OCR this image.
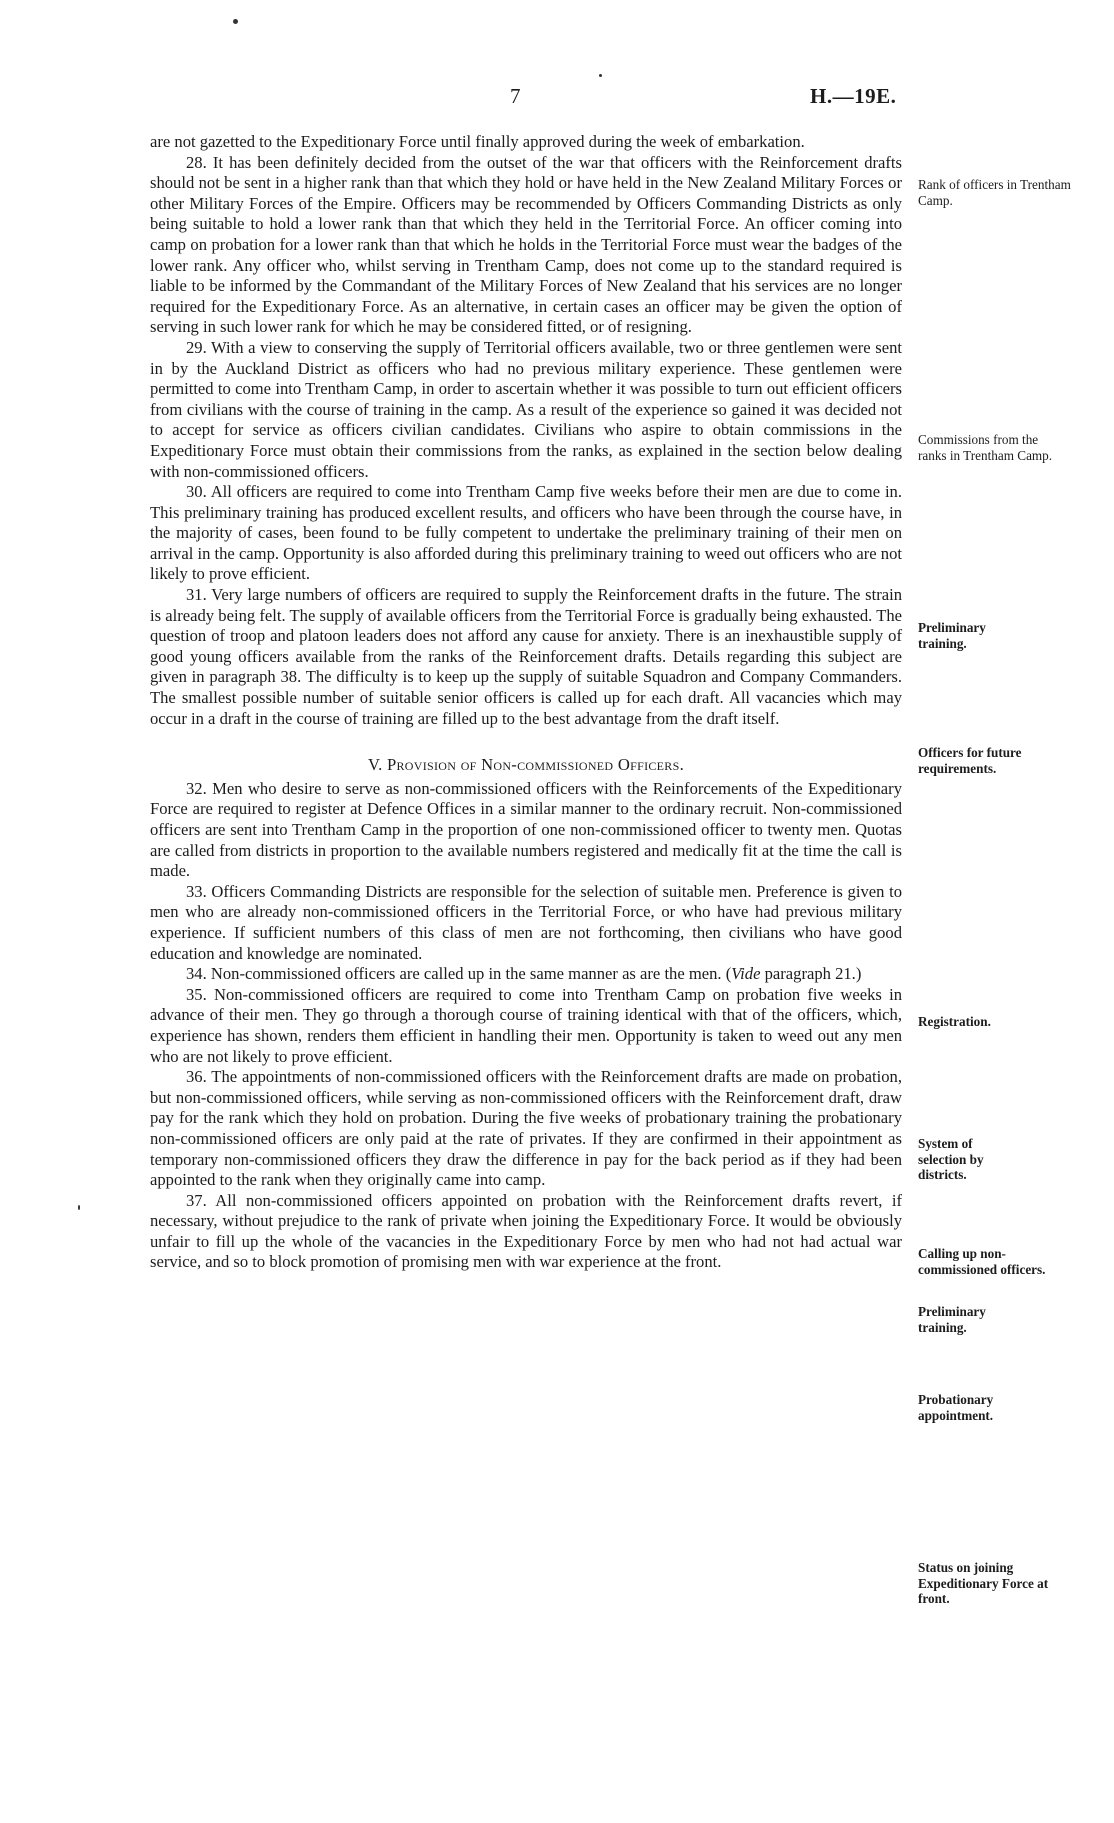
7	H.—19E.

are not gazetted to the Expeditionary Force until finally approved during the week of embarkation.

28. It has been definitely decided from the outset of the war that officers with the Reinforcement drafts should not be sent in a higher rank than that which they hold or have held in the New Zealand Military Forces or other Military Forces of the Empire. Officers may be recommended by Officers Commanding Districts as only being suitable to hold a lower rank than that which they held in the Territorial Force. An officer coming into camp on probation for a lower rank than that which he holds in the Territorial Force must wear the badges of the lower rank. Any officer who, whilst serving in Trentham Camp, does not come up to the standard required is liable to be informed by the Commandant of the Military Forces of New Zealand that his services are no longer required for the Expeditionary Force. As an alternative, in certain cases an officer may be given the option of serving in such lower rank for which he may be considered fitted, or of resigning.

29. With a view to conserving the supply of Territorial officers available, two or three gentlemen were sent in by the Auckland District as officers who had no previous military experience. These gentlemen were permitted to come into Trentham Camp, in order to ascertain whether it was possible to turn out efficient officers from civilians with the course of training in the camp. As a result of the experience so gained it was decided not to accept for service as officers civilian candidates. Civilians who aspire to obtain commissions in the Expeditionary Force must obtain their commissions from the ranks, as explained in the section below dealing with non-commissioned officers.

30. All officers are required to come into Trentham Camp five weeks before their men are due to come in. This preliminary training has produced excellent results, and officers who have been through the course have, in the majority of cases, been found to be fully competent to undertake the preliminary training of their men on arrival in the camp. Opportunity is also afforded during this preliminary training to weed out officers who are not likely to prove efficient.

31. Very large numbers of officers are required to supply the Reinforcement drafts in the future. The strain is already being felt. The supply of available officers from the Territorial Force is gradually being exhausted. The question of troop and platoon leaders does not afford any cause for anxiety. There is an inexhaustible supply of good young officers available from the ranks of the Reinforcement drafts. Details regarding this subject are given in paragraph 38. The difficulty is to keep up the supply of suitable Squadron and Company Commanders. The smallest possible number of suitable senior officers is called up for each draft. All vacancies which may occur in a draft in the course of training are filled up to the best advantage from the draft itself.

V. Provision of Non-commissioned Officers.

32. Men who desire to serve as non-commissioned officers with the Reinforcements of the Expeditionary Force are required to register at Defence Offices in a similar manner to the ordinary recruit. Non-commissioned officers are sent into Trentham Camp in the proportion of one non-commissioned officer to twenty men. Quotas are called from districts in proportion to the available numbers registered and medically fit at the time the call is made.

33. Officers Commanding Districts are responsible for the selection of suitable men. Preference is given to men who are already non-commissioned officers in the Territorial Force, or who have had previous military experience. If sufficient numbers of this class of men are not forthcoming, then civilians who have good education and knowledge are nominated.

34. Non-commissioned officers are called up in the same manner as are the men. (Vide paragraph 21.)

35. Non-commissioned officers are required to come into Trentham Camp on probation five weeks in advance of their men. They go through a thorough course of training identical with that of the officers, which, experience has shown, renders them efficient in handling their men. Opportunity is taken to weed out any men who are not likely to prove efficient.

36. The appointments of non-commissioned officers with the Reinforcement drafts are made on probation, but non-commissioned officers, while serving as non-commissioned officers with the Reinforcement draft, draw pay for the rank which they hold on probation. During the five weeks of probationary training the probationary non-commissioned officers are only paid at the rate of privates. If they are confirmed in their appointment as temporary non-commissioned officers they draw the difference in pay for the back period as if they had been appointed to the rank when they originally came into camp.

37. All non-commissioned officers appointed on probation with the Reinforcement drafts revert, if necessary, without prejudice to the rank of private when joining the Expeditionary Force. It would be obviously unfair to fill up the whole of the vacancies in the Expeditionary Force by men who had not had actual war service, and so to block promotion of promising men with war experience at the front.

Rank of officers in Trentham Camp.
Commissions from the ranks in Trentham Camp.
Preliminary training.
Officers for future requirements.
Registration.
System of selection by districts.
Calling up non-commissioned officers.
Preliminary training.
Probationary appointment.
Status on joining Expeditionary Force at front.
